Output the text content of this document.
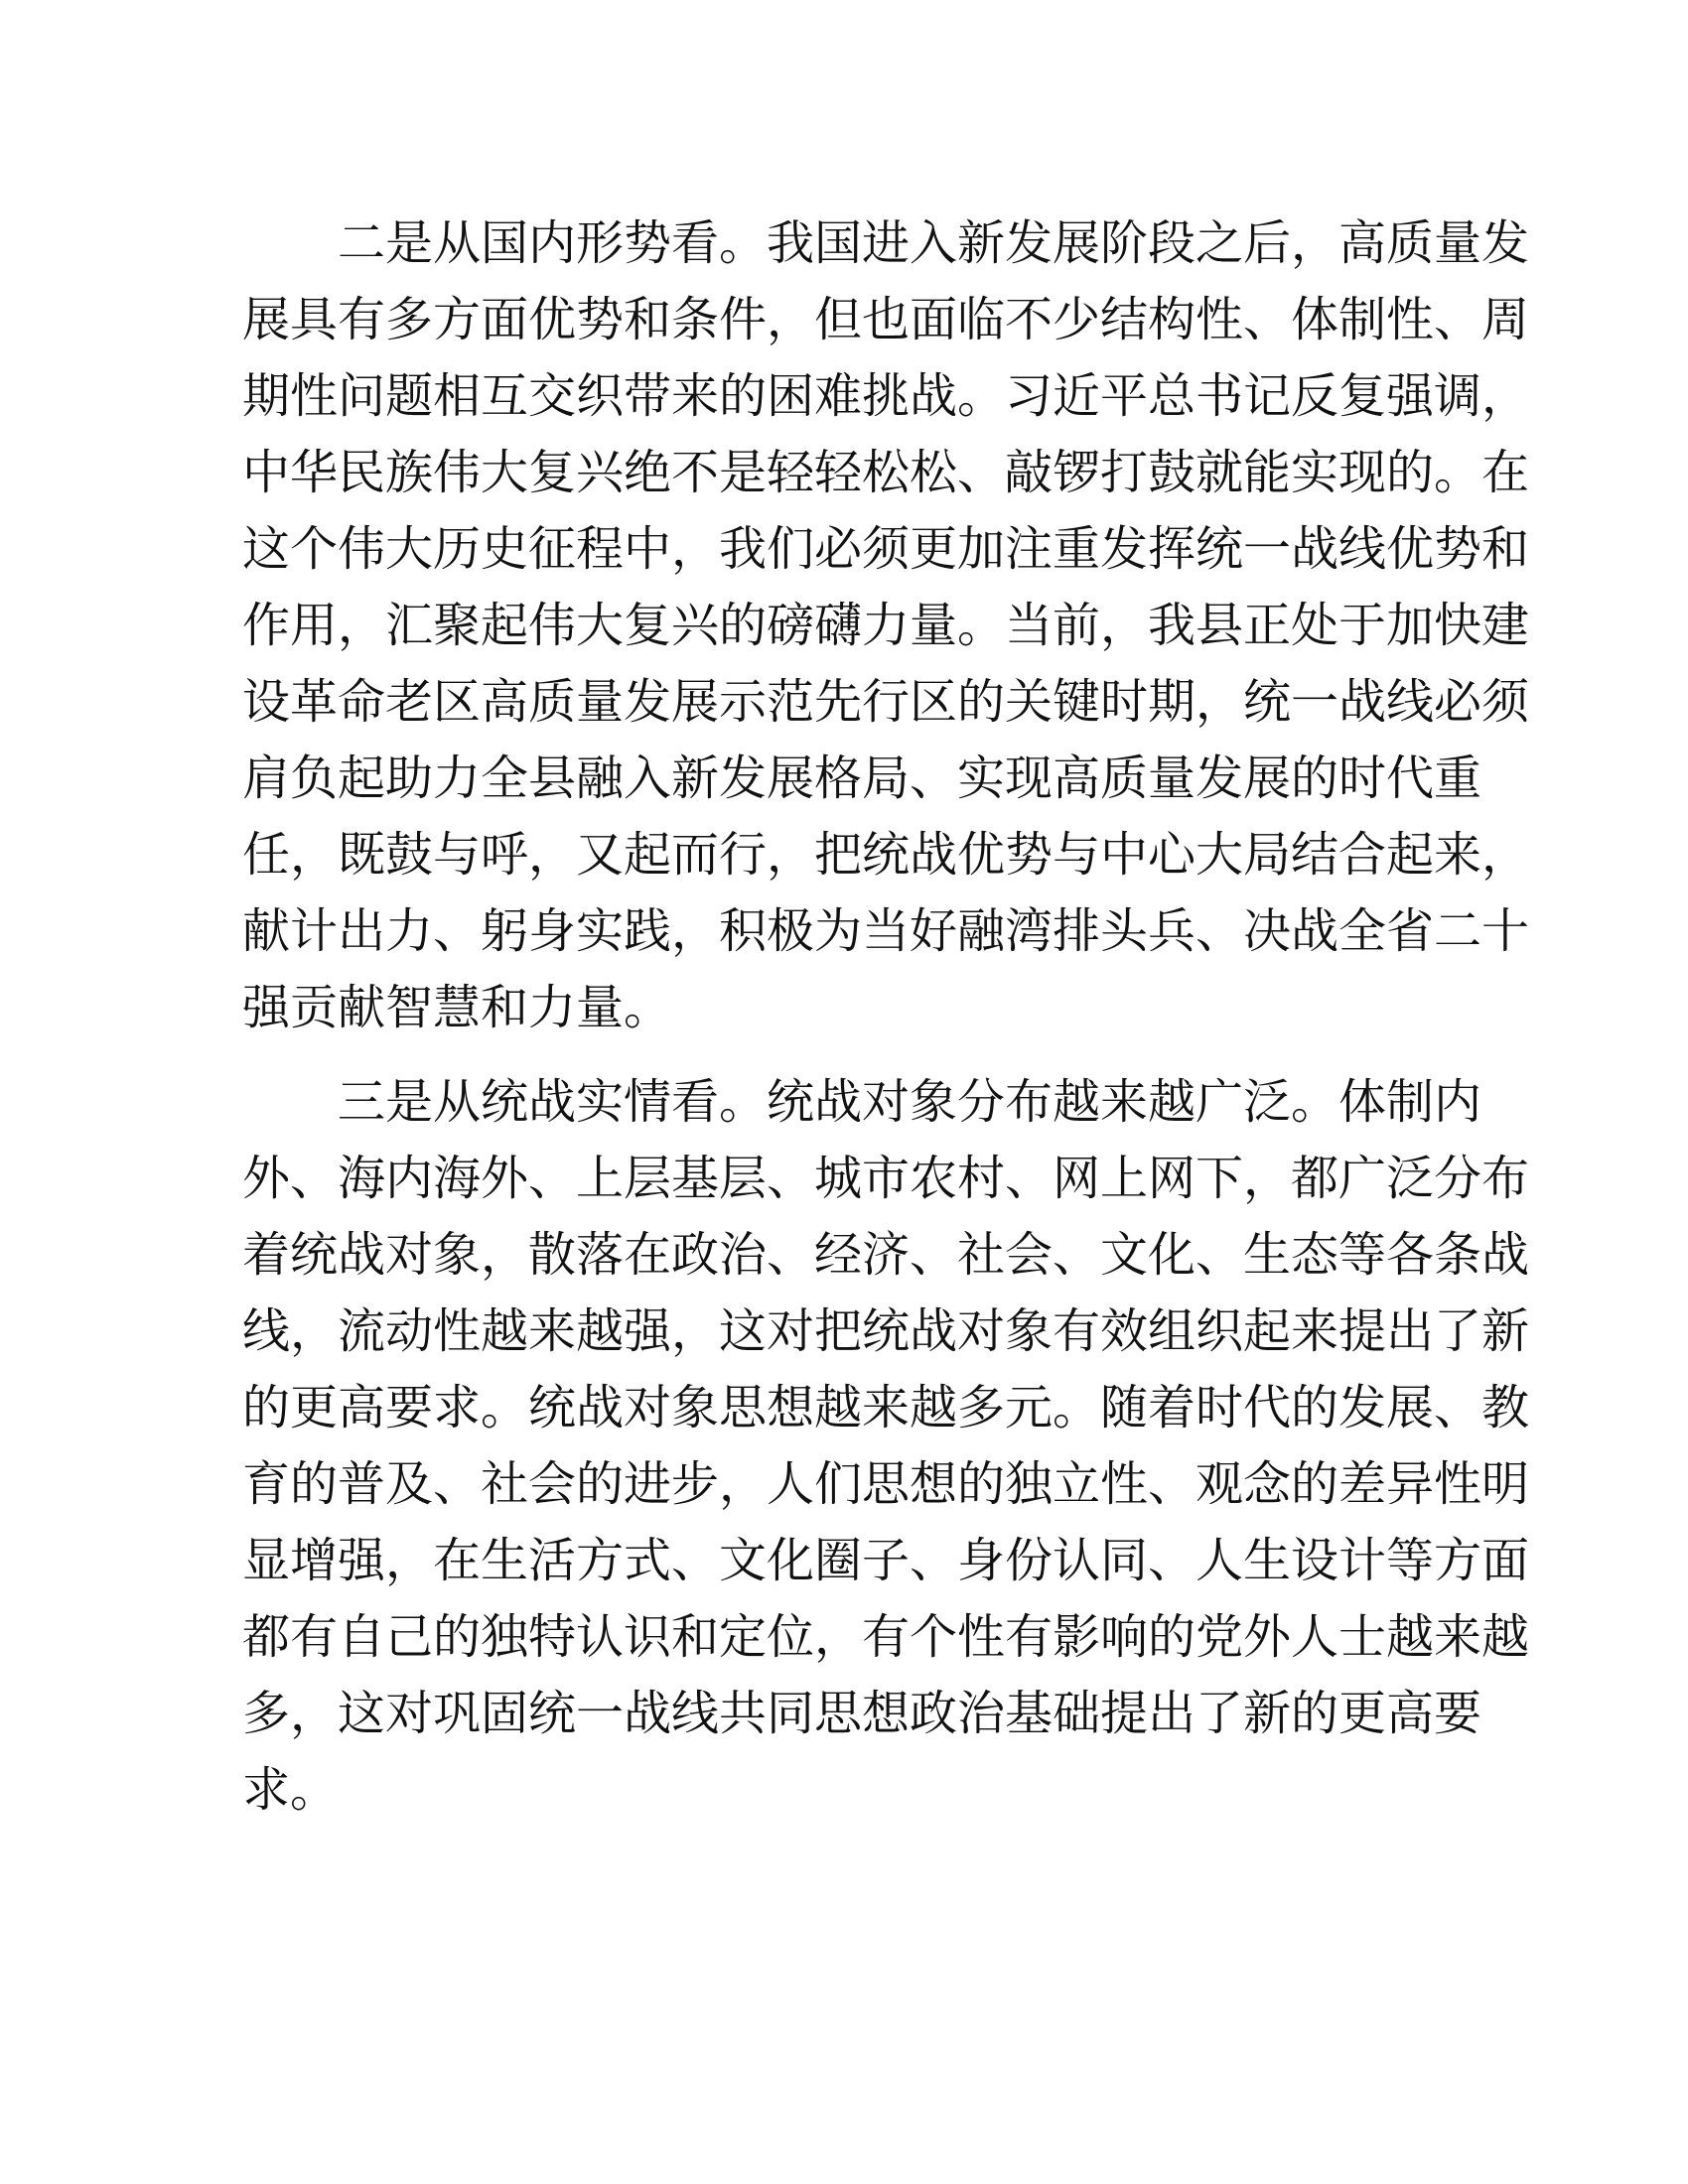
二是从国内形势看。我国进入新发展阶段之后，高质量发
展具有多方面优势和条件，但也面临不少结构性、体制性、周
期性问题相互交织带来的困难挑战。习近平总书记反复强调，
中华民族伟大复兴绝不是轻轻松松、敲锣打鼓就能实现的。在
这个伟大历史征程中，我们必须更加注重发挥统一战线优势和
作用，汇聚起伟大复兴的磅礴力量。当前，我县正处于加快建
设革命老区高质量发展示范先行区的关键时期，统一战线必须
肩负起助力全县融入新发展格局、实现高质量发展的时代重
任，既鼓与呼，又起而行，把统战优势与中心大局结合起来，
献计出力、躬身实践，积极为当好融湾排头兵、决战全省二十
强贡献智慧和力量。
三是从统战实情看。统战对象分布越来越广泛。体制内
外、海内海外、上层基层、城市农村、网上网下，都广泛分布
着统战对象，散落在政治、经济、社会、文化、生态等各条战
线，流动性越来越强，这对把统战对象有效组织起来提出了新
的更高要求。统战对象思想越来越多元。随着时代的发展、教
育的普及、社会的进步，人们思想的独立性、观念的差异性明
显增强，在生活方式、文化圈子、身份认同、人生设计等方面
都有自己的独特认识和定位，有个性有影响的党外人士越来越
多，这对巩固统一战线共同思想政治基础提出了新的更高要
求。
